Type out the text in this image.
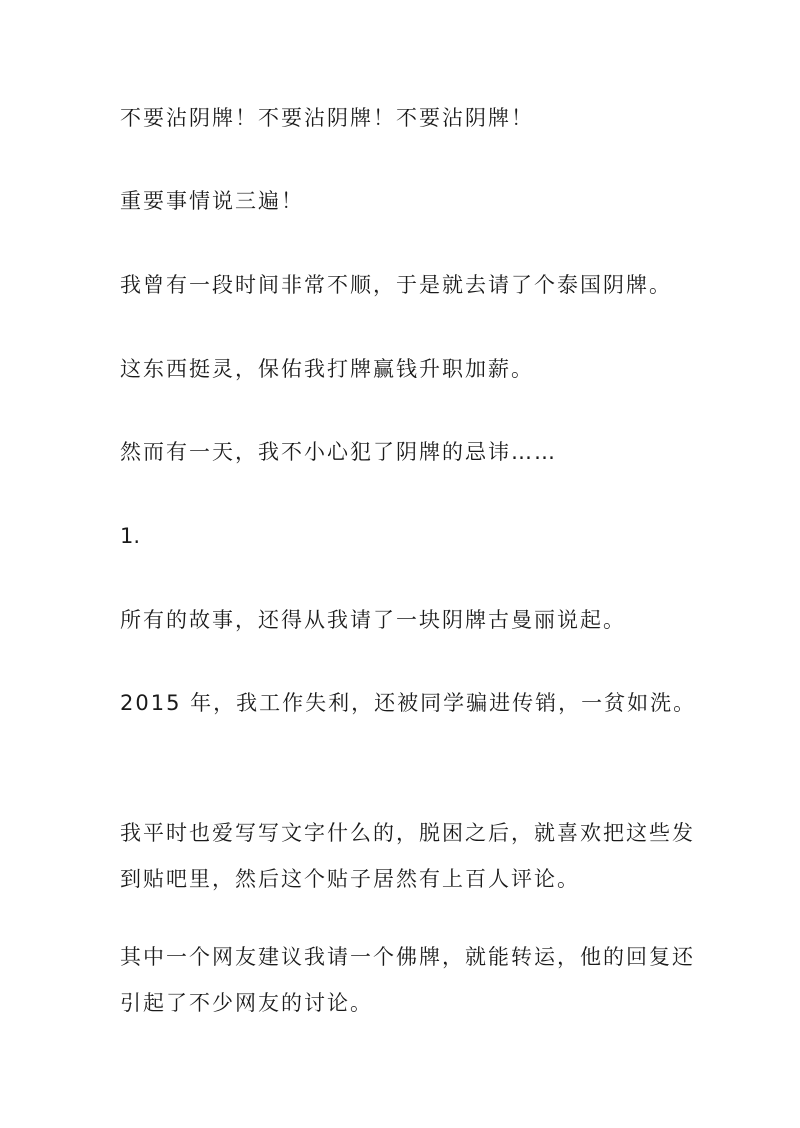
不要沾阴牌！不要沾阴牌！不要沾阴牌！

重要事情说三遍！

我曾有一段时间非常不顺，于是就去请了个泰国阴牌。

这东西挺灵，保佑我打牌赢钱升职加薪。

然而有一天，我不小心犯了阴牌的忌讳……

1.

所有的故事，还得从我请了一块阴牌古曼丽说起。

2015 年，我工作失利，还被同学骗进传销，一贫如洗。

我平时也爱写写文字什么的，脱困之后，就喜欢把这些发到贴吧里，然后这个贴子居然有上百人评论。

其中一个网友建议我请一个佛牌，就能转运，他的回复还引起了不少网友的讨论。
